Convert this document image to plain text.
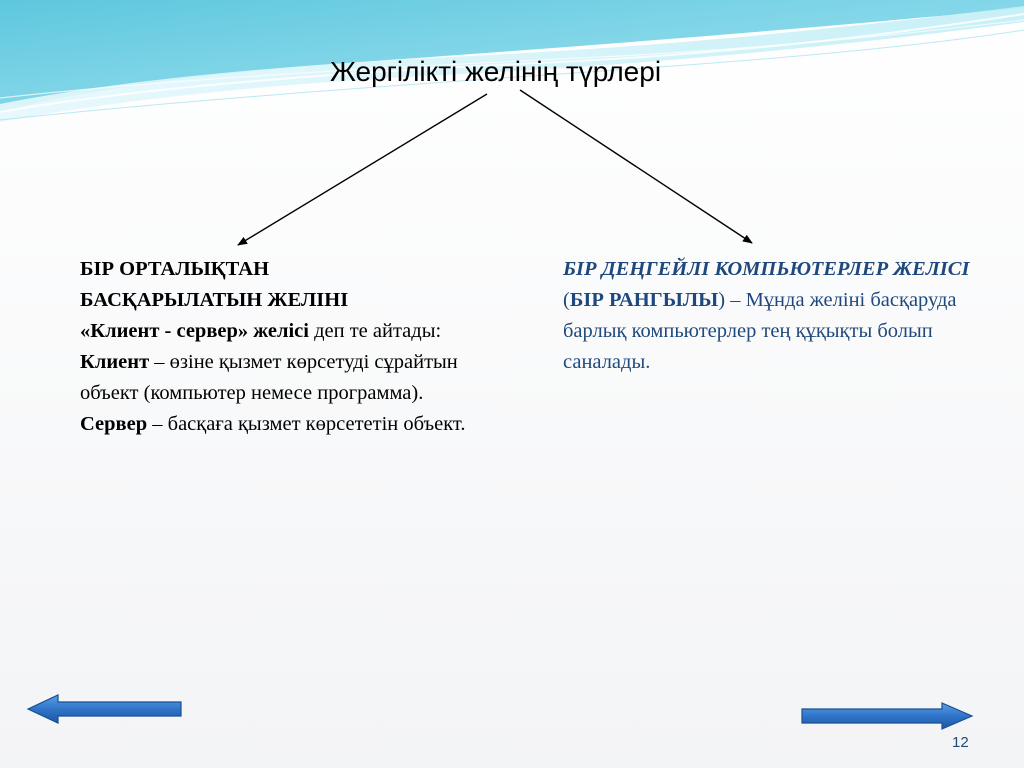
Жергілікті желінің түрлері
БІР ОРТАЛЫҚТАН
БАСҚАРЫЛАТЫН ЖЕЛІНІ
«Клиент - сервер» желісі деп те айтады:
Клиент – өзіне қызмет көрсетуді сұрайтын объект (компьютер немесе программа).
Сервер – басқаға қызмет көрсететін объект.
БІР ДЕҢГЕЙЛІ КОМПЬЮТЕРЛЕР ЖЕЛІСІ (БІР РАНГЫЛЫ) – Мұнда желіні басқаруда барлық компьютерлер тең құқықты болып саналады.
12
